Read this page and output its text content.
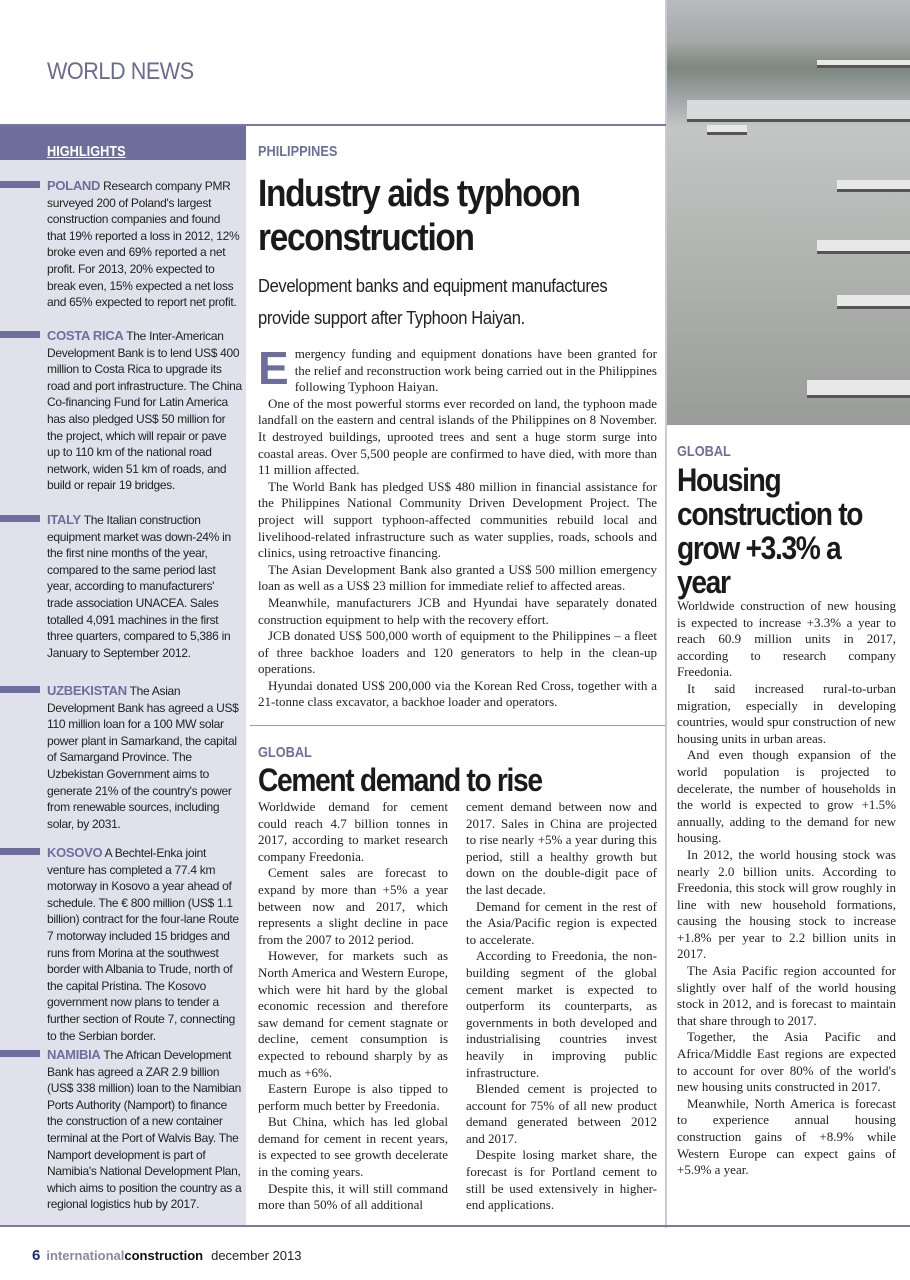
WORLD NEWS
HIGHLIGHTS
POLAND Research company PMR surveyed 200 of Poland's largest construction companies and found that 19% reported a loss in 2012, 12% broke even and 69% reported a net profit. For 2013, 20% expected to break even, 15% expected a net loss and 65% expected to report net profit.
COSTA RICA The Inter-American Development Bank is to lend US$ 400 million to Costa Rica to upgrade its road and port infrastructure. The China Co-financing Fund for Latin America has also pledged US$ 50 million for the project, which will repair or pave up to 110 km of the national road network, widen 51 km of roads, and build or repair 19 bridges.
ITALY The Italian construction equipment market was down-24% in the first nine months of the year, compared to the same period last year, according to manufacturers' trade association UNACEA. Sales totalled 4,091 machines in the first three quarters, compared to 5,386 in January to September 2012.
UZBEKISTAN The Asian Development Bank has agreed a US$ 110 million loan for a 100 MW solar power plant in Samarkand, the capital of Samargand Province. The Uzbekistan Government aims to generate 21% of the country's power from renewable sources, including solar, by 2031.
KOSOVO A Bechtel-Enka joint venture has completed a 77.4 km motorway in Kosovo a year ahead of schedule. The € 800 million (US$ 1.1 billion) contract for the four-lane Route 7 motorway included 15 bridges and runs from Morina at the southwest border with Albania to Trude, north of the capital Pristina. The Kosovo government now plans to tender a further section of Route 7, connecting to the Serbian border.
NAMIBIA The African Development Bank has agreed a ZAR 2.9 billion (US$ 338 million) loan to the Namibian Ports Authority (Namport) to finance the construction of a new container terminal at the Port of Walvis Bay. The Namport development is part of Namibia's National Development Plan, which aims to position the country as a regional logistics hub by 2017.
PHILIPPINES
Industry aids typhoon reconstruction
Development banks and equipment manufactures provide support after Typhoon Haiyan.

Emergency funding and equipment donations have been granted for the relief and reconstruction work being carried out in the Philippines following Typhoon Haiyan.

One of the most powerful storms ever recorded on land, the typhoon made landfall on the eastern and central islands of the Philippines on 8 November. It destroyed buildings, uprooted trees and sent a huge storm surge into coastal areas. Over 5,500 people are confirmed to have died, with more than 11 million affected.

The World Bank has pledged US$ 480 million in financial assistance for the Philippines National Community Driven Development Project. The project will support typhoon-affected communities rebuild local and livelihood-related infrastructure such as water supplies, roads, schools and clinics, using retroactive financing.

The Asian Development Bank also granted a US$ 500 million emergency loan as well as a US$ 23 million for immediate relief to affected areas.

Meanwhile, manufacturers JCB and Hyundai have separately donated construction equipment to help with the recovery effort.

JCB donated US$ 500,000 worth of equipment to the Philippines – a fleet of three backhoe loaders and 120 generators to help in the clean-up operations.

Hyundai donated US$ 200,000 via the Korean Red Cross, together with a 21-tonne class excavator, a backhoe loader and operators.

GLOBAL
Cement demand to rise

Worldwide demand for cement could reach 4.7 billion tonnes in 2017, according to market research company Freedonia.

Cement sales are forecast to expand by more than +5% a year between now and 2017, which represents a slight decline in pace from the 2007 to 2012 period.

However, for markets such as North America and Western Europe, which were hit hard by the global economic recession and therefore saw demand for cement stagnate or decline, cement consumption is expected to rebound sharply by as much as +6%.

Eastern Europe is also tipped to perform much better by Freedonia.

But China, which has led global demand for cement in recent years, is expected to see growth decelerate in the coming years.

Despite this, it will still command more than 50% of all additional

cement demand between now and 2017. Sales in China are projected to rise nearly +5% a year during this period, still a healthy growth but down on the double-digit pace of the last decade.

Demand for cement in the rest of the Asia/Pacific region is expected to accelerate.

According to Freedonia, the non-building segment of the global cement market is expected to outperform its counterparts, as governments in both developed and industrialising countries invest heavily in improving public infrastructure.

Blended cement is projected to account for 75% of all new product demand generated between 2012 and 2017.

Despite losing market share, the forecast is for Portland cement to still be used extensively in higher-end applications.

GLOBAL
Housing construction to grow +3.3% a year

Worldwide construction of new housing is expected to increase +3.3% a year to reach 60.9 million units in 2017, according to research company Freedonia.

It said increased rural-to-urban migration, especially in developing countries, would spur construction of new housing units in urban areas.

And even though expansion of the world population is projected to decelerate, the number of households in the world is expected to grow +1.5% annually, adding to the demand for new housing.

In 2012, the world housing stock was nearly 2.0 billion units. According to Freedonia, this stock will grow roughly in line with new household formations, causing the housing stock to increase +1.8% per year to 2.2 billion units in 2017.

The Asia Pacific region accounted for slightly over half of the world housing stock in 2012, and is forecast to maintain that share through to 2017.

Together, the Asia Pacific and Africa/Middle East regions are expected to account for over 80% of the world's new housing units constructed in 2017.

Meanwhile, North America is forecast to experience annual housing construction gains of +8.9% while Western Europe can expect gains of +5.9% a year.

6 internationalconstruction december 2013
